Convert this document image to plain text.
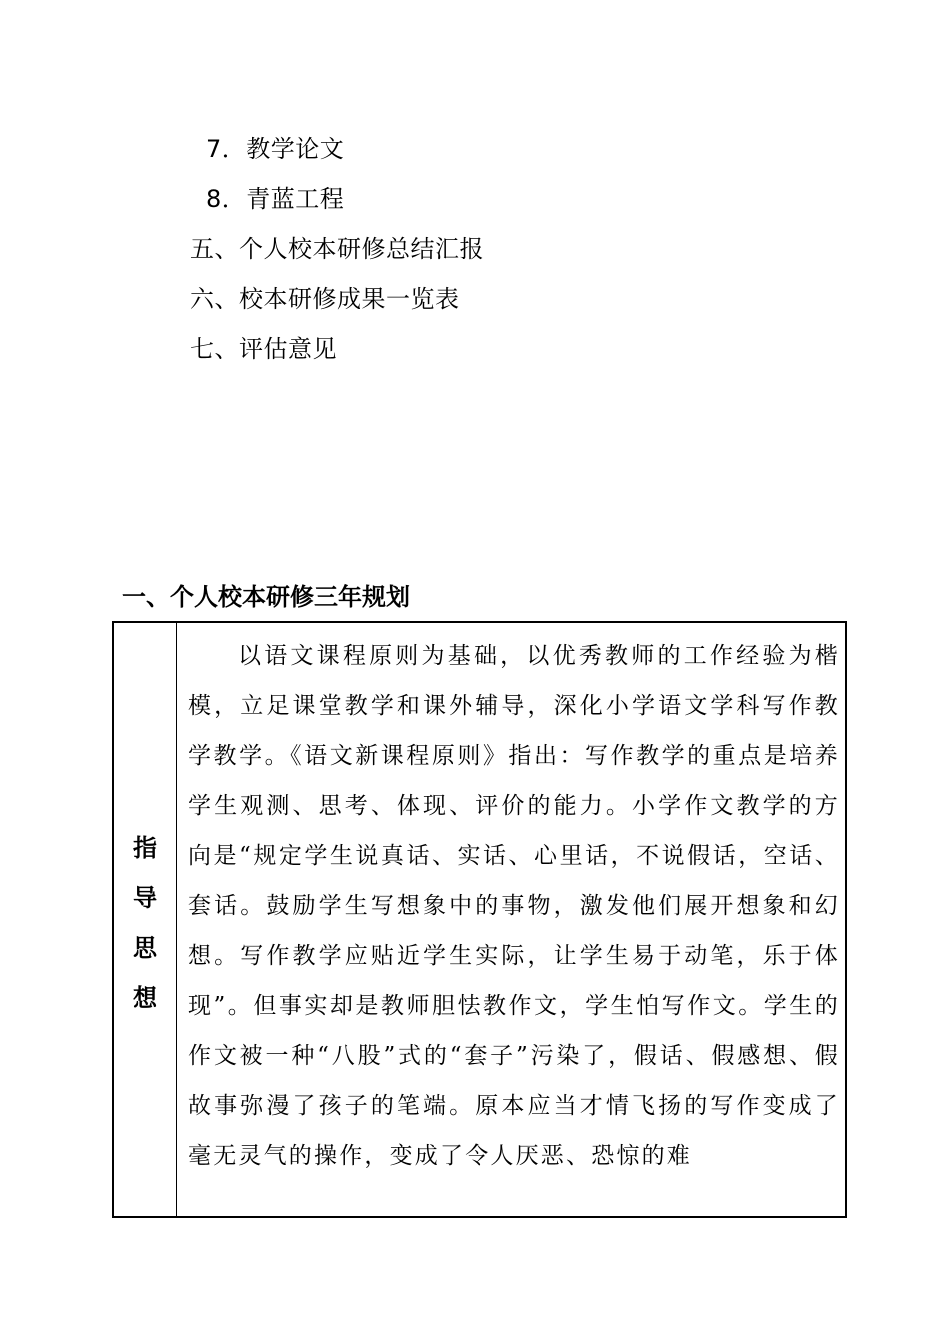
7．教学论文
8．青蓝工程
五、个人校本研修总结汇报
六、校本研修成果一览表
七、评估意见
一、个人校本研修三年规划
指
导
思
想
以语文课程原则为基础，以优秀教师的工作经验为楷模，立足课堂教学和课外辅导，深化小学语文学科写作教学教学。《语文新课程原则》指出：写作教学的重点是培养学生观测、思考、体现、评价的能力。小学作文教学的方向是“规定学生说真话、实话、心里话，不说假话，空话、套话。鼓励学生写想象中的事物，激发他们展开想象和幻想。写作教学应贴近学生实际，让学生易于动笔，乐于体现”。但事实却是教师胆怯教作文，学生怕写作文。学生的作文被一种“八股”式的“套子”污染了，假话、假感想、假故事弥漫了孩子的笔端。原本应当才情飞扬的写作变成了毫无灵气的操作，变成了令人厌恶、恐惊的难
